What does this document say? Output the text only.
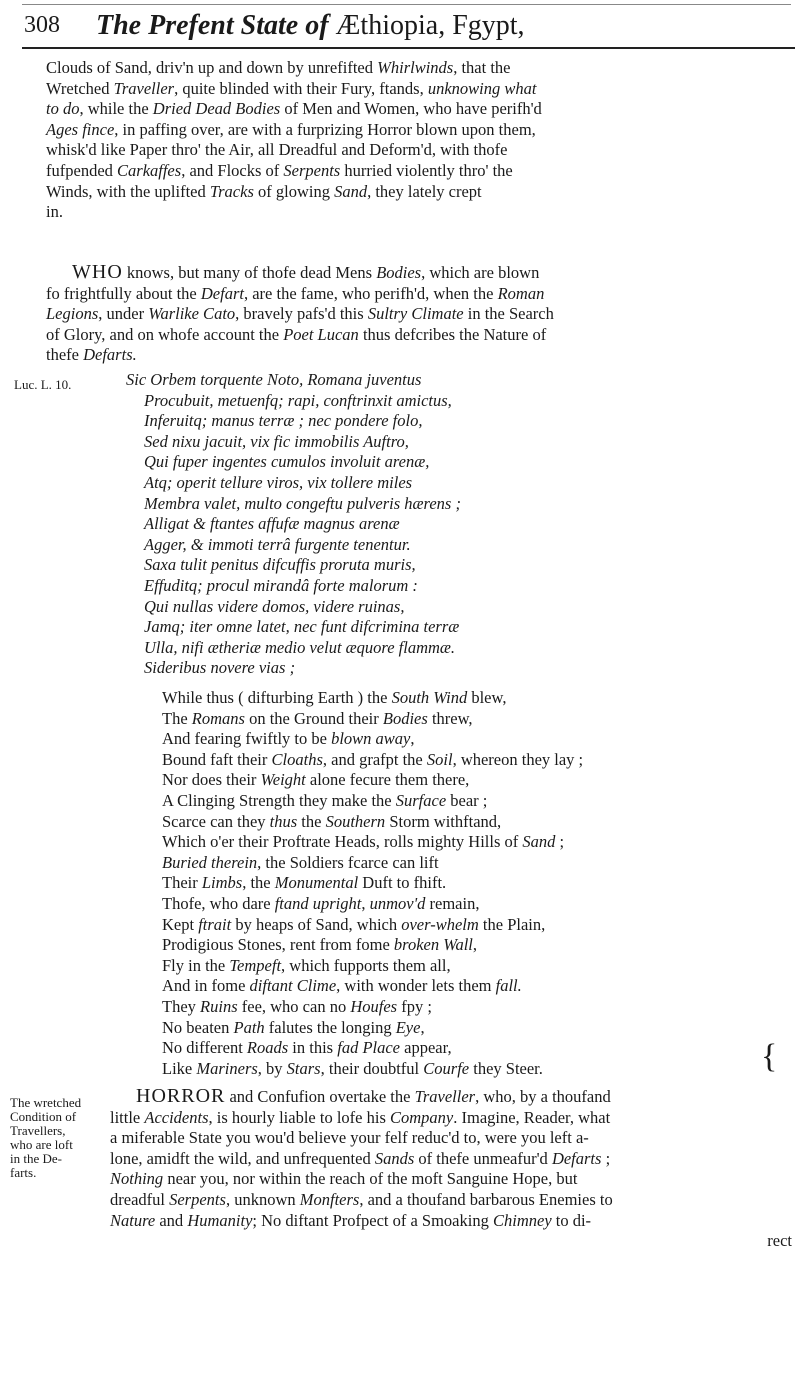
308 The Prefent State of Æthiopia, Fgypt,
Clouds of Sand, driv'n up and down by unrefifted Whirlwinds, that the
Wretched Traveller, quite blinded with their Fury, ftands, unknowing what
to do, while the Dried Dead Bodies of Men and Women, who have perifh'd
Ages fince, in paffing over, are with a furprizing Horror blown upon them,
whisk'd like Paper thro' the Air, all Dreadful and Deform'd, with thofe
fufpended Carkaffes, and Flocks of Serpents hurried violently thro' the
Winds, with the uplifted Tracks of glowing Sand, they lately crept
in.
WHO knows, but many of thofe dead Mens Bodies, which are blown
fo frightfully about the Defart, are the fame, who perifh'd, when the Roman
Legions, under Warlike Cato, bravely pafs'd this Sultry Climate in the Search
of Glory, and on whofe account the Poet Lucan thus defcribes the Nature of
thefe Defarts.
Luc. L. 10.	Sic Orbem torquente Noto, Romana juventus
Procubuit, metuenfq; rapi, conftrinxit amictus,
Inferuitq; manus terræ ; nec pondere folo,
Sed nixu jacuit, vix fic immobilis Auftro,
Qui fuper ingentes cumulos involuit arenæ,
Atq; operit tellure viros, vix tollere miles
Membra valet, multo congeftu pulveris hærens ;
Alligat & ftantes affufæ magnus arenæ
Agger, & immoti terrâ furgente tenentur.
Saxa tulit penitus difcuffis proruta muris,
Effuditq; procul mirandâ forte malorum :
Qui nullas videre domos, videre ruinas,
Jamq; iter omne latet, nec funt difcrimina terræ
Ulla, nifi ætheriæ medio velut æquore flammæ.
Sideribus novere vias ;
While thus ( difturbing Earth ) the South Wind blew,
The Romans on the Ground their Bodies threw,
And fearing fwiftly to be blown away,
Bound faft their Cloaths, and grafpt the Soil, whereon they lay ;
Nor does their Weight alone fecure them there,
A Clinging Strength they make the Surface bear ;
Scarce can they thus the Southern Storm withftand,
Which o'er their Proftrate Heads, rolls mighty Hills of Sand ;
Buried therein, the Soldiers fcarce can lift
Their Limbs, the Monumental Duft to fhift.
Thofe, who dare ftand upright, unmov'd remain,
Kept ftrait by heaps of Sand, which over-whelm the Plain,
Prodigious Stones, rent from fome broken Wall,
Fly in the Tempeft, which fupports them all,
And in fome diftant Clime, with wonder lets them fall.
They Ruins fee, who can no Houfes fpy ;
No beaten Path falutes the longing Eye,
No different Roads in this fad Place appear,
Like Mariners, by Stars, their doubtful Courfe they Steer.	{
The wretched
Condition of
Travellers,
who are loft
in the De-
farts.
HORROR and Confufion overtake the Traveller, who, by a thoufand
little Accidents, is hourly liable to lofe his Company. Imagine, Reader, what
a miferable State you wou'd believe your felf reduc'd to, were you left a-
lone, amidft the wild, and unfrequented Sands of thefe unmeafur'd Defarts ;
Nothing near you, nor within the reach of the moft Sanguine Hope, but
dreadful Serpents, unknown Monfters, and a thoufand barbarous Enemies to
Nature and Humanity; No diftant Profpect of a Smoaking Chimney to di-
rect
